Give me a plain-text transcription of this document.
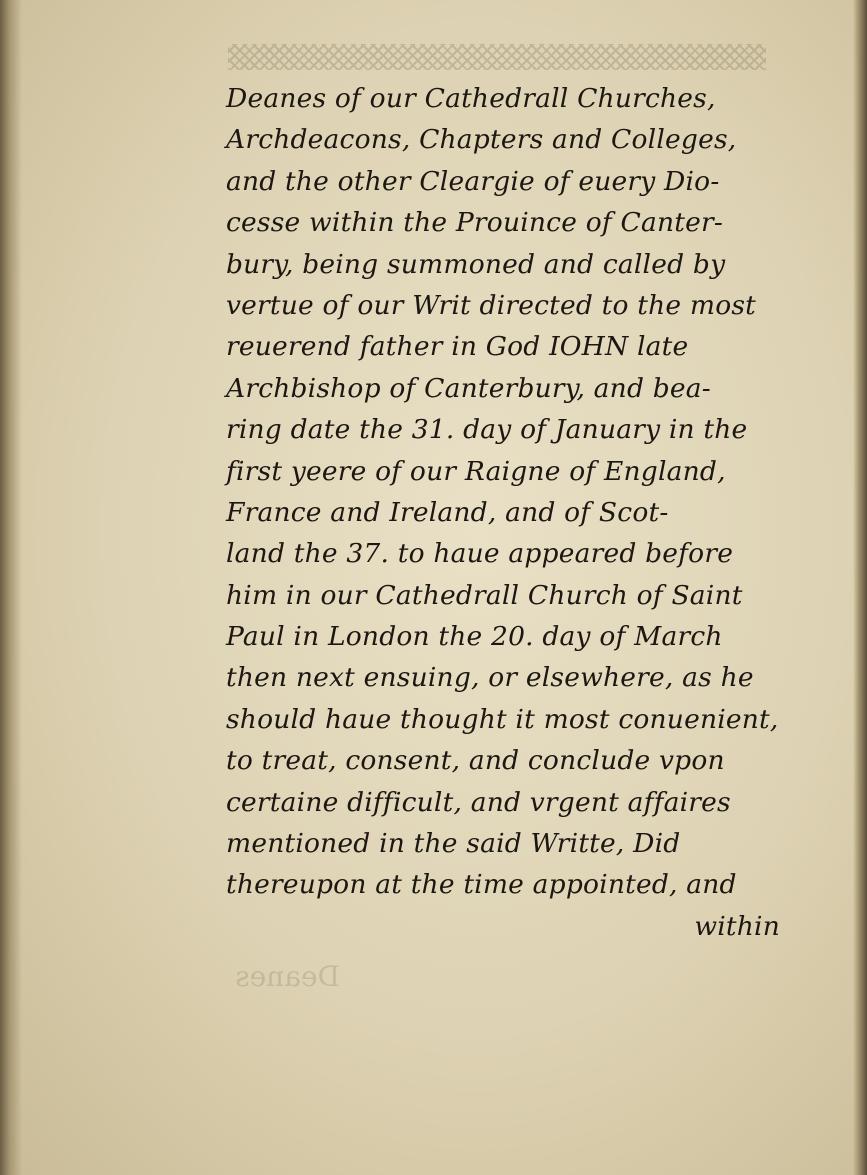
Deanes
Deanes of our Cathedrall Churches,
Archdeacons, Chapters and Colleges,
and the other Cleargie of euery Dio-
cesse within the Prouince of Canter-
bury, being summoned and called by
vertue of our Writ directed to the most
reuerend father in God IOHN late
Archbishop of Canterbury, and bea-
ring date the 31. day of January in the
first yeere of our Raigne of England,
France and Ireland, and of Scot-
land the 37. to haue appeared before
him in our Cathedrall Church of Saint
Paul in London the 20. day of March
then next ensuing, or elsewhere, as he
should haue thought it most conuenient,
to treat, consent, and conclude vpon
certaine difficult, and vrgent affaires
mentioned in the said Writte, Did
thereupon at the time appointed, and
within
